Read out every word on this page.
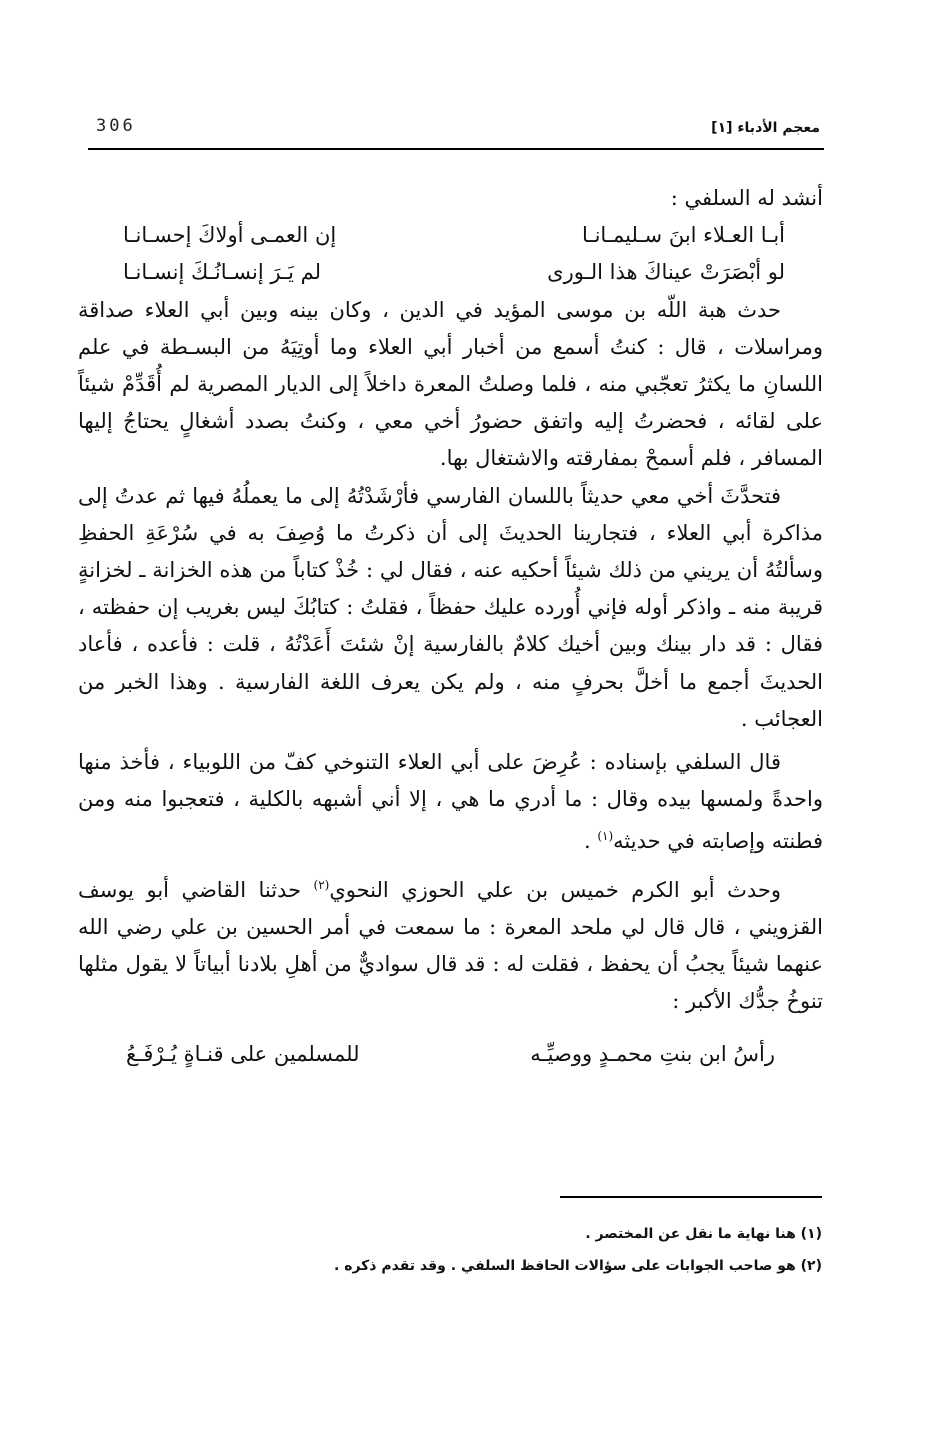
306	معجم الأدباء [١]

أنشد له السلفي :

أبـا العـلاء ابنَ سـليمـانـا
إن العمـى أولاكَ إحسـانـا
لو أبْصَرَتْ عيناكَ هذا الـورى
لم يَـرَ إنسـانُـكَ إنسـانـا

حدث هبة اللّه بن موسى المؤيد في الدين ، وكان بينه وبين أبي العلاء صداقة ومراسلات ، قال : كنتُ أسمع من أخبار أبي العلاء وما أوتِيَهُ من البسـطة في علم اللسانِ ما يكثرُ تعجّبي منه ، فلما وصلتُ المعرة داخلاً إلى الديار المصرية لم أُقَدِّمْ شيئاً على لقائه ، فحضرتُ إليه واتفق حضورُ أخي معي ، وكنتُ بصدد أشغالٍ يحتاجُ إليها المسافر ، فلم أسمحْ بمفارقته والاشتغال بها.

فتحدَّثَ أخي معي حديثاً باللسان الفارسي فأرْشَدْتُهُ إلى ما يعملُهُ فيها ثم عدتُ إلى مذاكرة أبي العلاء ، فتجارينا الحديثَ إلى أن ذكرتُ ما وُصِفَ به في سُرْعَةِ الحفظِ وسألتُهُ أن يريني من ذلك شيئاً أحكيه عنه ، فقال لي : خُذْ كتاباً من هذه الخزانة ـ لخزانةٍ قريبة منه ـ واذكر أوله فإني أُورده عليك حفظاً ، فقلتُ : كتابُكَ ليس بغريب إن حفظته ، فقال : قد دار بينك وبين أخيك كلامٌ بالفارسية إنْ شئتَ أَعَدْتُهُ ، قلت : فأعده ، فأعاد الحديثَ أجمع ما أخلَّ بحرفٍ منه ، ولم يكن يعرف اللغة الفارسية . وهذا الخبر من العجائب .

قال السلفي بإسناده : عُرِضَ على أبي العلاء التنوخي كفّ من اللوبياء ، فأخذ منها واحدةً ولمسها بيده وقال : ما أدري ما هي ، إلا أني أشبهه بالكلية ، فتعجبوا منه ومن فطنته وإصابته في حديثه$^{(١)}$ .

وحدث أبو الكرم خميس بن علي الحوزي النحوي$^{(٢)}$ حدثنا القاضي أبو يوسف القزويني ، قال قال لي ملحد المعرة : ما سمعت في أمر الحسين بن علي رضي الله عنهما شيئاً يجبُ أن يحفظ ، فقلت له : قد قال سواديٌّ من أهلِ بلادنا أبياتاً لا يقول مثلها تنوخُ جدُّك الأكبر :

رأسُ ابن بنتِ محمـدٍ ووصيِّـه
للمسلمين على قنـاةٍ يُـرْفَـعُ
(١) هنا نهاية ما نقل عن المختصر .
(٢) هو صاحب الجوابات على سؤالات الحافظ السلفي . وقد تقدم ذكره .
